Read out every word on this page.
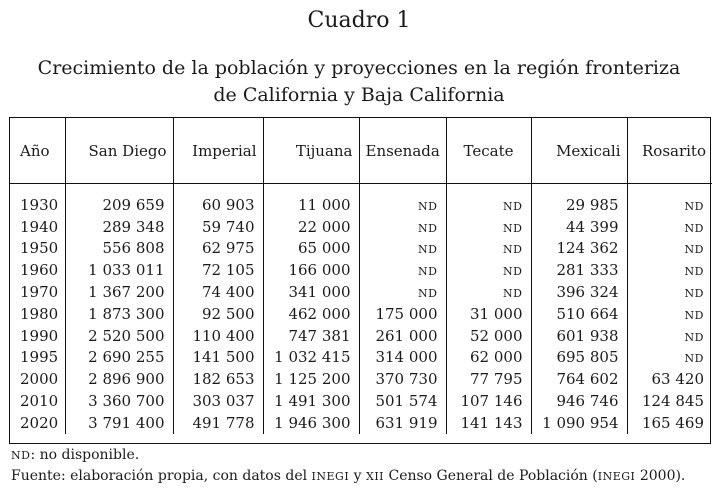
Cuadro 1
Crecimiento de la población y proyecciones en la región fronteriza
de California y Baja California
Año	San Diego	Imperial	Tijuana	Ensenada	Tecate	Mexicali	Rosarito

1930	209 659	60 903	11 000	ND	ND	29 985	ND
1940	289 348	59 740	22 000	ND	ND	44 399	ND
1950	556 808	62 975	65 000	ND	ND	124 362	ND
1960	1 033 011	72 105	166 000	ND	ND	281 333	ND
1970	1 367 200	74 400	341 000	ND	ND	396 324	ND
1980	1 873 300	92 500	462 000	175 000	31 000	510 664	ND
1990	2 520 500	110 400	747 381	261 000	52 000	601 938	ND
1995	2 690 255	141 500	1 032 415	314 000	62 000	695 805	ND
2000	2 896 900	182 653	1 125 200	370 730	77 795	764 602	63 420
2010	3 360 700	303 037	1 491 300	501 574	107 146	946 746	124 845
2020	3 791 400	491 778	1 946 300	631 919	141 143	1 090 954	165 469
ND: no disponible.
Fuente: elaboración propia, con datos del INEGI y XII Censo General de Población (INEGI 2000).
